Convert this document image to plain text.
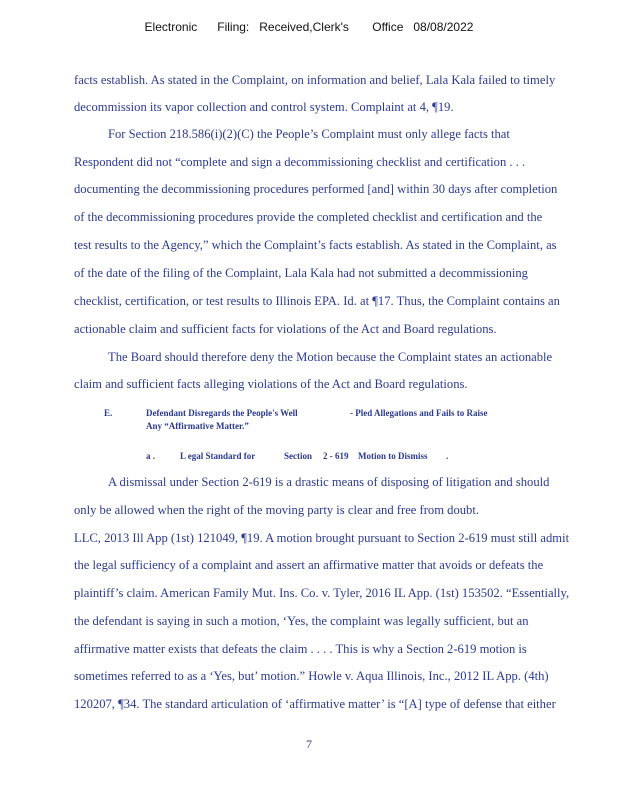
Electronic      Filing:   Received,Clerk's       Office   08/08/2022
facts establish. As stated in the Complaint, on information and belief, Lala Kala failed to timely
decommission its vapor collection and control system. Complaint at 4, ¶19.
For Section 218.586(i)(2)(C) the People’s Complaint must only allege facts that
Respondent did not “complete and sign a decommissioning checklist and certification . . .
documenting the decommissioning procedures performed [and] within 30 days after completion
of the decommissioning procedures provide the completed checklist and certification and the
test results to the Agency,” which the Complaint’s facts establish. As stated in the Complaint, as
of the date of the filing of the Complaint, Lala Kala had not submitted a decommissioning
checklist, certification, or test results to Illinois EPA. Id. at ¶17. Thus, the Complaint contains an
actionable claim and sufficient facts for violations of the Act and Board regulations.
The Board should therefore deny the Motion because the Complaint states an actionable
claim and sufficient facts alleging violations of the Act and Board regulations.
A dismissal under Section 2-619 is a drastic means of disposing of litigation and should
only be allowed when the right of the moving party is clear and free from doubt.
LLC, 2013 Ill App (1st) 121049, ¶19. A motion brought pursuant to Section 2-619 must still admit
the legal sufficiency of a complaint and assert an affirmative matter that avoids or defeats the
plaintiff’s claim. American Family Mut. Ins. Co. v. Tyler, 2016 IL App. (1st) 153502. “Essentially,
the defendant is saying in such a motion, ‘Yes, the complaint was legally sufficient, but an
affirmative matter exists that defeats the claim . . . . This is why a Section 2-619 motion is
sometimes referred to as a ‘Yes, but’ motion.” Howle v. Aqua Illinois, Inc., 2012 IL App. (4th)
120207, ¶34. The standard articulation of ‘affirmative matter’ is “[A] type of defense that either
E.	Defendant Disregards the People's Well	- Pled Allegations and Fails to Raise
Any “Affirmative Matter.”
a .	L egal Standard for	Section 2 - 619 Motion to Dismiss .
7
